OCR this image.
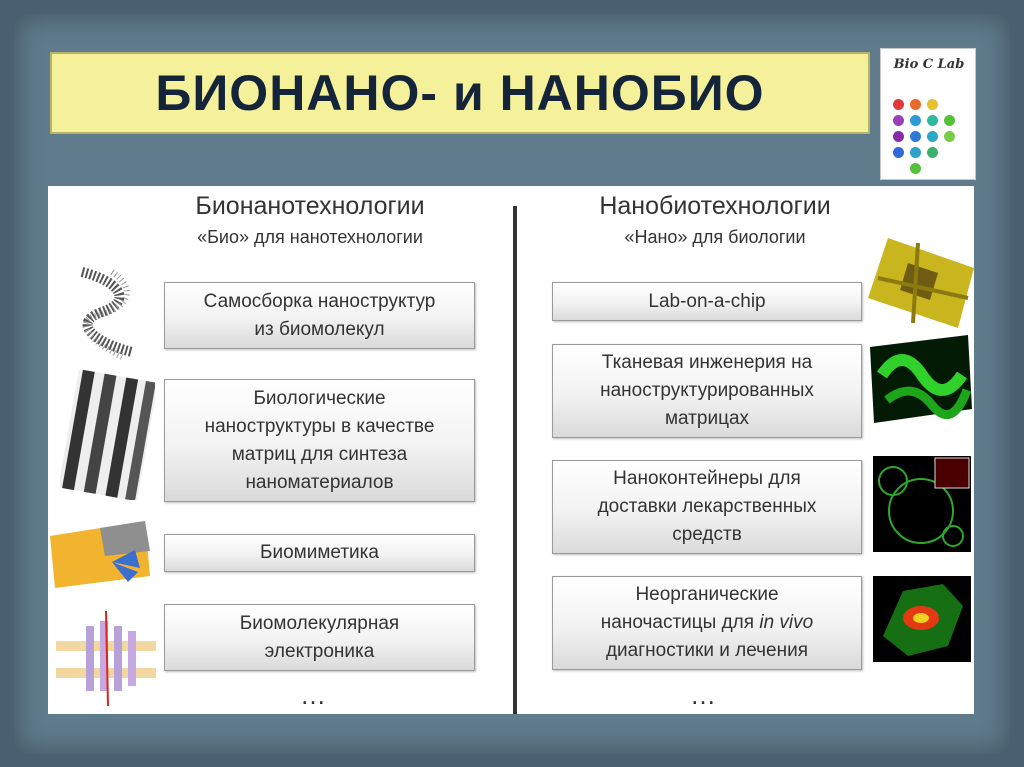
БИОНАНО- и НАНОБИО
Bio C Lab
Бионанотехнологии
«Био» для нанотехнологии
Самосборка наноструктур
из биомолекул
Биологические
наноструктуры в качестве
матриц для синтеза
наноматериалов
Биомиметика
Биомолекулярная
электроника
…
Нанобиотехнологии
«Нано» для биологии
Lab-on-a-chip
Тканевая инженерия на
наноструктурированных
матрицах
Наноконтейнеры для
доставки лекарственных
средств
Неорганические
наночастицы для in vivo
диагностики и лечения
…
